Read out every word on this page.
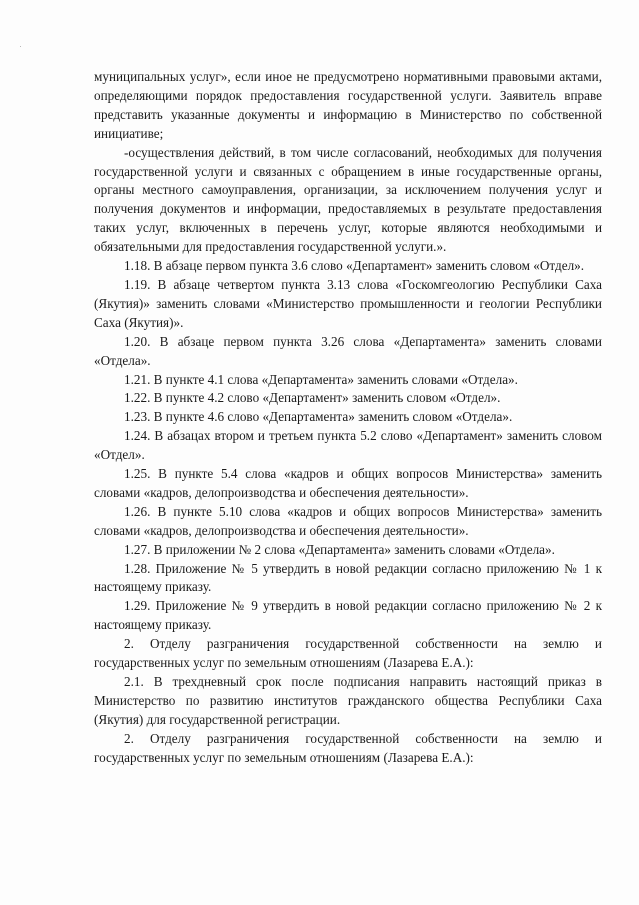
муниципальных услуг», если иное не предусмотрено нормативными правовыми актами, определяющими порядок предоставления государственной услуги. Заявитель вправе представить указанные документы и информацию в Министерство по собственной инициативе;

-осуществления действий, в том числе согласований, необходимых для получения государственной услуги и связанных с обращением в иные государственные органы, органы местного самоуправления, организации, за исключением получения услуг и получения документов и информации, предоставляемых в результате предоставления таких услуг, включенных в перечень услуг, которые являются необходимыми и обязательными для предоставления государственной услуги.».

1.18. В абзаце первом пункта 3.6 слово «Департамент» заменить словом «Отдел».

1.19. В абзаце четвертом пункта 3.13 слова «Госкомгеологию Республики Саха (Якутия)» заменить словами «Министерство промышленности и геологии Республики Саха (Якутия)».

1.20. В абзаце первом пункта 3.26 слова «Департамента» заменить словами «Отдела».

1.21. В пункте 4.1 слова «Департамента» заменить словами «Отдела».

1.22. В пункте 4.2 слово «Департамент» заменить словом «Отдел».

1.23. В пункте 4.6 слово «Департамента» заменить словом «Отдела».

1.24. В абзацах втором и третьем пункта 5.2 слово «Департамент» заменить словом «Отдел».

1.25. В пункте 5.4 слова «кадров и общих вопросов Министерства» заменить словами «кадров, делопроизводства и обеспечения деятельности».

1.26. В пункте 5.10 слова «кадров и общих вопросов Министерства» заменить словами «кадров, делопроизводства и обеспечения деятельности».

1.27. В приложении № 2 слова «Департамента» заменить словами «Отдела».

1.28. Приложение № 5 утвердить в новой редакции согласно приложению № 1 к настоящему приказу.

1.29. Приложение № 9 утвердить в новой редакции согласно приложению № 2 к настоящему приказу.

2. Отделу разграничения государственной собственности на землю и государственных услуг по земельным отношениям (Лазарева Е.А.):

2.1. В трехдневный срок после подписания направить настоящий приказ в Министерство по развитию институтов гражданского общества Республики Саха (Якутия) для государственной регистрации.

2. Отделу разграничения государственной собственности на землю и государственных услуг по земельным отношениям (Лазарева Е.А.):
